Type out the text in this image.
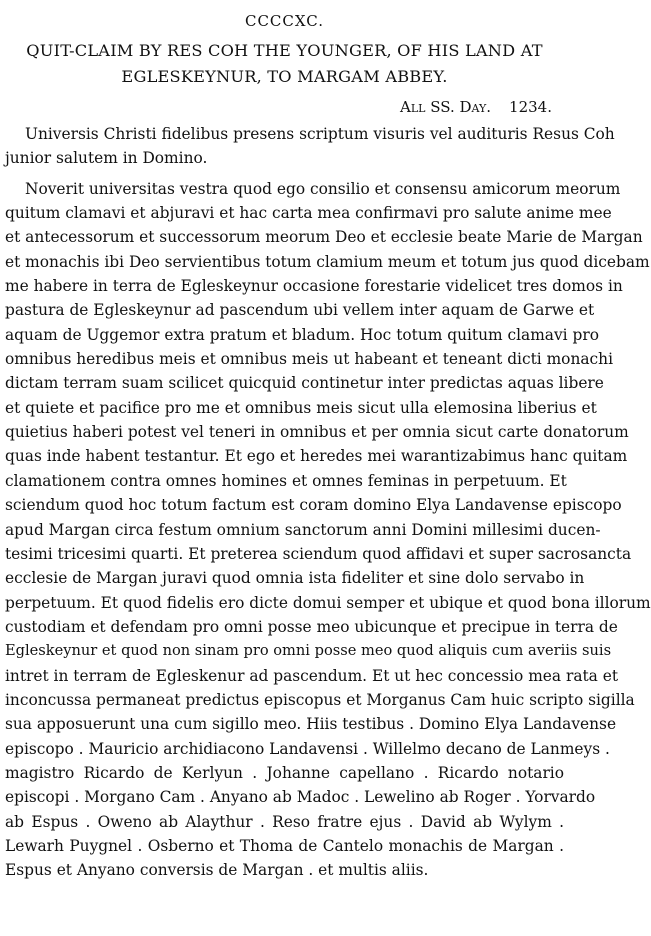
CCCCXC.
QUIT-CLAIM BY RES COH THE YOUNGER, OF HIS LAND AT
EGLESKEYNUR, TO MARGAM ABBEY.
All SS. Day. 1234.
Universis Christi fidelibus presens scriptum visuris vel audituris Resus Coh
junior salutem in Domino.
Noverit universitas vestra quod ego consilio et consensu amicorum meorum
quitum clamavi et abjuravi et hac carta mea confirmavi pro salute anime mee
et antecessorum et successorum meorum Deo et ecclesie beate Marie de Margan
et monachis ibi Deo servientibus totum clamium meum et totum jus quod dicebam
me habere in terra de Egleskeynur occasione forestarie videlicet tres domos in
pastura de Egleskeynur ad pascendum ubi vellem inter aquam de Garwe et
aquam de Uggemor extra pratum et bladum. Hoc totum quitum clamavi pro
omnibus heredibus meis et omnibus meis ut habeant et teneant dicti monachi
dictam terram suam scilicet quicquid continetur inter predictas aquas libere
et quiete et pacifice pro me et omnibus meis sicut ulla elemosina liberius et
quietius haberi potest vel teneri in omnibus et per omnia sicut carte donatorum
quas inde habent testantur. Et ego et heredes mei warantizabimus hanc quitam
clamationem contra omnes homines et omnes feminas in perpetuum. Et
sciendum quod hoc totum factum est coram domino Elya Landavense episcopo
apud Margan circa festum omnium sanctorum anni Domini millesimi ducen-
tesimi tricesimi quarti. Et preterea sciendum quod affidavi et super sacrosancta
ecclesie de Margan juravi quod omnia ista fideliter et sine dolo servabo in
perpetuum. Et quod fidelis ero dicte domui semper et ubique et quod bona illorum
custodiam et defendam pro omni posse meo ubicunque et precipue in terra de
Egleskeynur et quod non sinam pro omni posse meo quod aliquis cum averiis suis
intret in terram de Egleskenur ad pascendum. Et ut hec concessio mea rata et
inconcussa permaneat predictus episcopus et Morganus Cam huic scripto sigilla
sua apposuerunt una cum sigillo meo. Hiis testibus . Domino Elya Landavense
episcopo . Mauricio archidiacono Landavensi . Willelmo decano de Lanmeys .
magistro Ricardo de Kerlyun . Johanne capellano . Ricardo notario
episcopi . Morgano Cam . Anyano ab Madoc . Lewelino ab Roger . Yorvardo
ab Espus . Oweno ab Alaythur . Reso fratre ejus . David ab Wylym .
Lewarh Puygnel . Osberno et Thoma de Cantelo monachis de Margan .
Espus et Anyano conversis de Margan . et multis aliis.
